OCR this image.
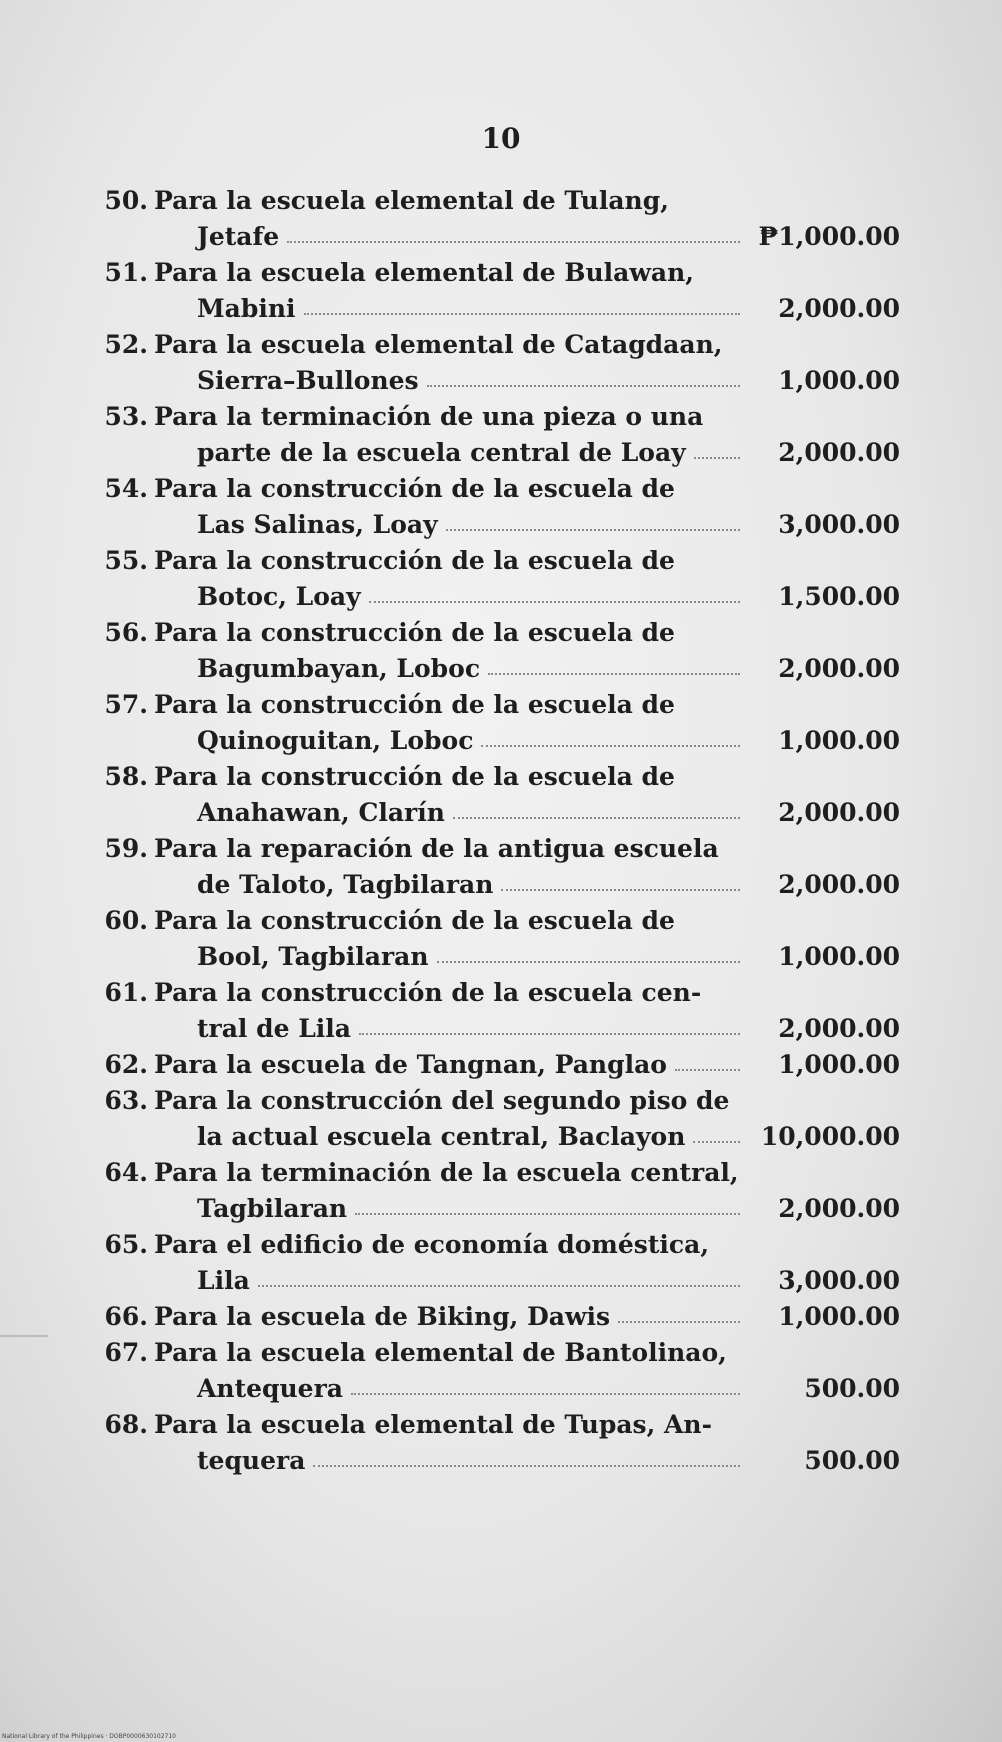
10
50. Para la escuela elemental de Tulang,
Jetafe	₱1,000.00
51. Para la escuela elemental de Bulawan,
Mabini	2,000.00
52. Para la escuela elemental de Catagdaan,
Sierra–Bullones	1,000.00
53. Para la terminación de una pieza o una
parte de la escuela central de Loay	2,000.00
54. Para la construcción de la escuela de
Las Salinas, Loay	3,000.00
55. Para la construcción de la escuela de
Botoc, Loay	1,500.00
56. Para la construcción de la escuela de
Bagumbayan, Loboc	2,000.00
57. Para la construcción de la escuela de
Quinoguitan, Loboc	1,000.00
58. Para la construcción de la escuela de
Anahawan, Clarín	2,000.00
59. Para la reparación de la antigua escuela
de Taloto, Tagbilaran	2,000.00
60. Para la construcción de la escuela de
Bool, Tagbilaran	1,000.00
61. Para la construcción de la escuela cen-
tral de Lila	2,000.00
62. Para la escuela de Tangnan, Panglao	1,000.00
63. Para la construcción del segundo piso de
la actual escuela central, Baclayon	10,000.00
64. Para la terminación de la escuela central,
Tagbilaran	2,000.00
65. Para el edificio de economía doméstica,
Lila	3,000.00
66. Para la escuela de Biking, Dawis	1,000.00
67. Para la escuela elemental de Bantolinao,
Antequera	500.00
68. Para la escuela elemental de Tupas, An-
tequera	500.00
National Library of the Philippines · DOBP0000630102710
